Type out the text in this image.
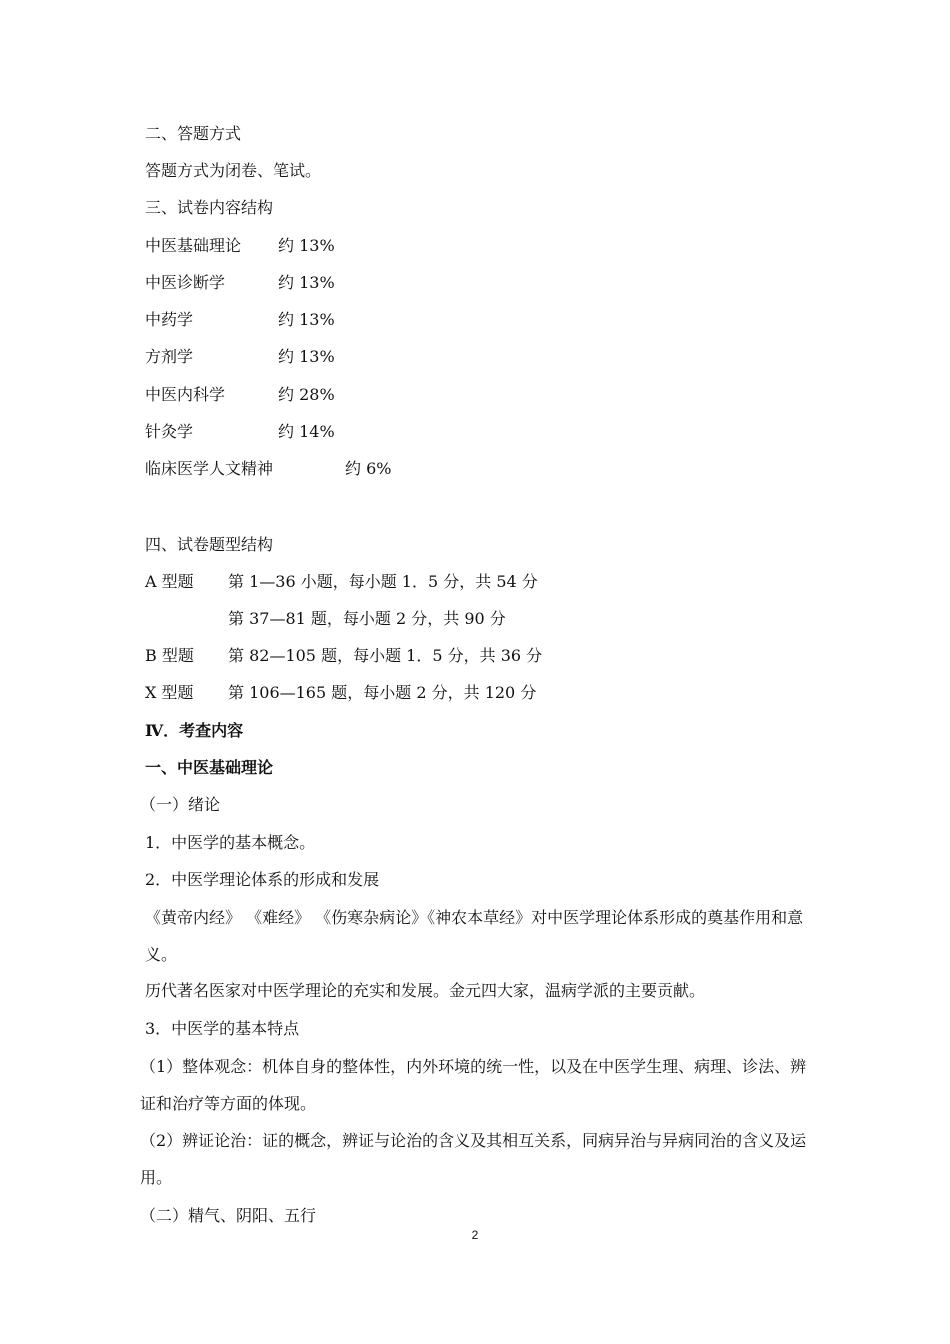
二、答题方式
答题方式为闭卷、笔试。
三、试卷内容结构
中医基础理论 约 13%
中医诊断学	约 13%
中药学	约 13%
方剂学	约 13%
中医内科学	约 28%
针灸学	约 14%
临床医学人文精神	约 6%
四、试卷题型结构
A 型题 第 1—36 小题，每小题 1．5 分，共 54 分
第 37—81 题，每小题 2 分，共 90 分
B 型题 第 82—105 题，每小题 1．5 分，共 36 分
X 型题 第 106—165 题，每小题 2 分，共 120 分
Ⅳ．考查内容
一、中医基础理论
（一）绪论
1．中医学的基本概念。
2．中医学理论体系的形成和发展
《黄帝内经》 《难经》 《伤寒杂病论》《神农本草经》对中医学理论体系形成的奠基作用和意义。
历代著名医家对中医学理论的充实和发展。金元四大家，温病学派的主要贡献。
3．中医学的基本特点
（1）整体观念：机体自身的整体性，内外环境的统一性，以及在中医学生理、病理、诊法、辨证和治疗等方面的体现。
（2）辨证论治：证的概念，辨证与论治的含义及其相互关系，同病异治与异病同治的含义及运用。
（二）精气、阴阳、五行
2
